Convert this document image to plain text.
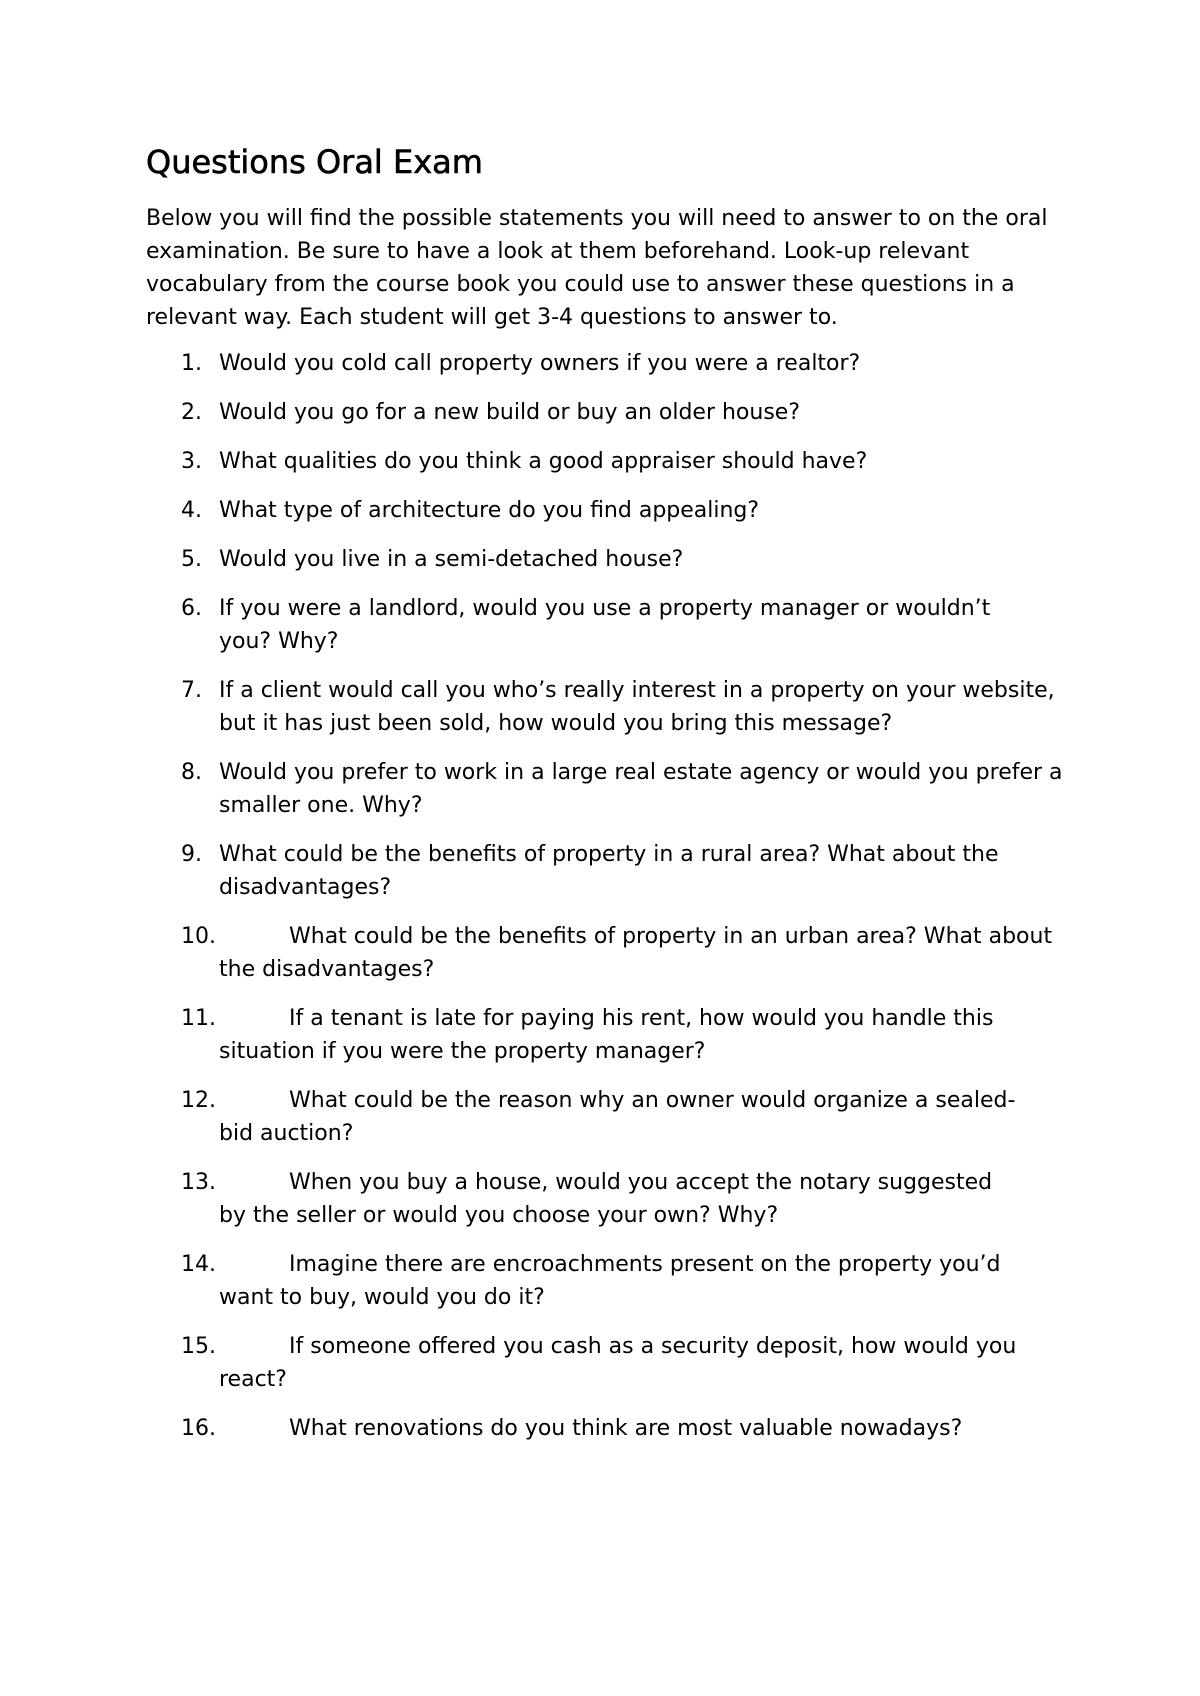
Questions Oral Exam

Below you will find the possible statements you will need to answer to on the oral examination. Be sure to have a look at them beforehand. Look-up relevant vocabulary from the course book you could use to answer these questions in a relevant way. Each student will get 3-4 questions to answer to.

1. Would you cold call property owners if you were a realtor?
2. Would you go for a new build or buy an older house?
3. What qualities do you think a good appraiser should have?
4. What type of architecture do you find appealing?
5. Would you live in a semi-detached house?
6. If you were a landlord, would you use a property manager or wouldn’t you? Why?
7. If a client would call you who’s really interest in a property on your website, but it has just been sold, how would you bring this message?
8. Would you prefer to work in a large real estate agency or would you prefer a smaller one. Why?
9. What could be the benefits of property in a rural area? What about the disadvantages?
10.	What could be the benefits of property in an urban area? What about the disadvantages?
11.	If a tenant is late for paying his rent, how would you handle this situation if you were the property manager?
12.	What could be the reason why an owner would organize a sealed-bid auction?
13.	When you buy a house, would you accept the notary suggested by the seller or would you choose your own? Why?
14.	Imagine there are encroachments present on the property you’d want to buy, would you do it?
15.	If someone offered you cash as a security deposit, how would you react?
16.	What renovations do you think are most valuable nowadays?
